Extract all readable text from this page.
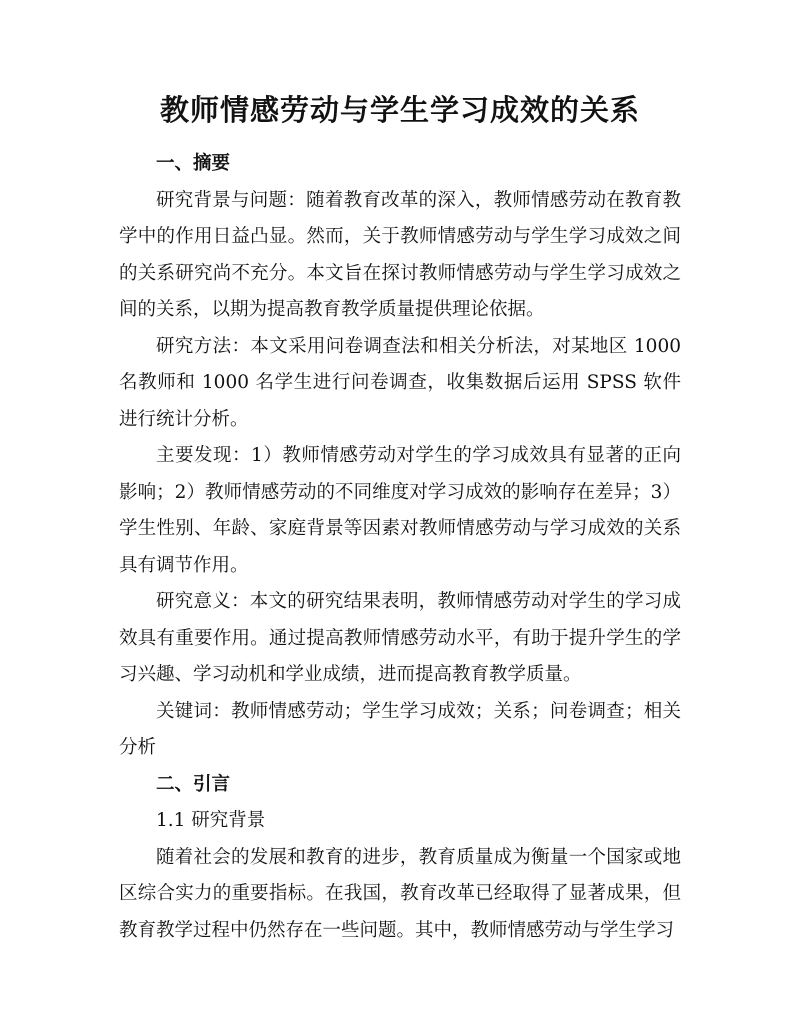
教师情感劳动与学生学习成效的关系
一、摘要

研究背景与问题：随着教育改革的深入，教师情感劳动在教育教学中的作用日益凸显。然而，关于教师情感劳动与学生学习成效之间的关系研究尚不充分。本文旨在探讨教师情感劳动与学生学习成效之间的关系，以期为提高教育教学质量提供理论依据。

研究方法：本文采用问卷调查法和相关分析法，对某地区 1000 名教师和 1000 名学生进行问卷调查，收集数据后运用 SPSS 软件进行统计分析。

主要发现：1）教师情感劳动对学生的学习成效具有显著的正向影响；2）教师情感劳动的不同维度对学习成效的影响存在差异；3）学生性别、年龄、家庭背景等因素对教师情感劳动与学习成效的关系具有调节作用。

研究意义：本文的研究结果表明，教师情感劳动对学生的学习成效具有重要作用。通过提高教师情感劳动水平，有助于提升学生的学习兴趣、学习动机和学业成绩，进而提高教育教学质量。

关键词：教师情感劳动；学生学习成效；关系；问卷调查；相关分析

二、引言
1.1 研究背景

随着社会的发展和教育的进步，教育质量成为衡量一个国家或地区综合实力的重要指标。在我国，教育改革已经取得了显著成果，但教育教学过程中仍然存在一些问题。其中，教师情感劳动与学生学习
